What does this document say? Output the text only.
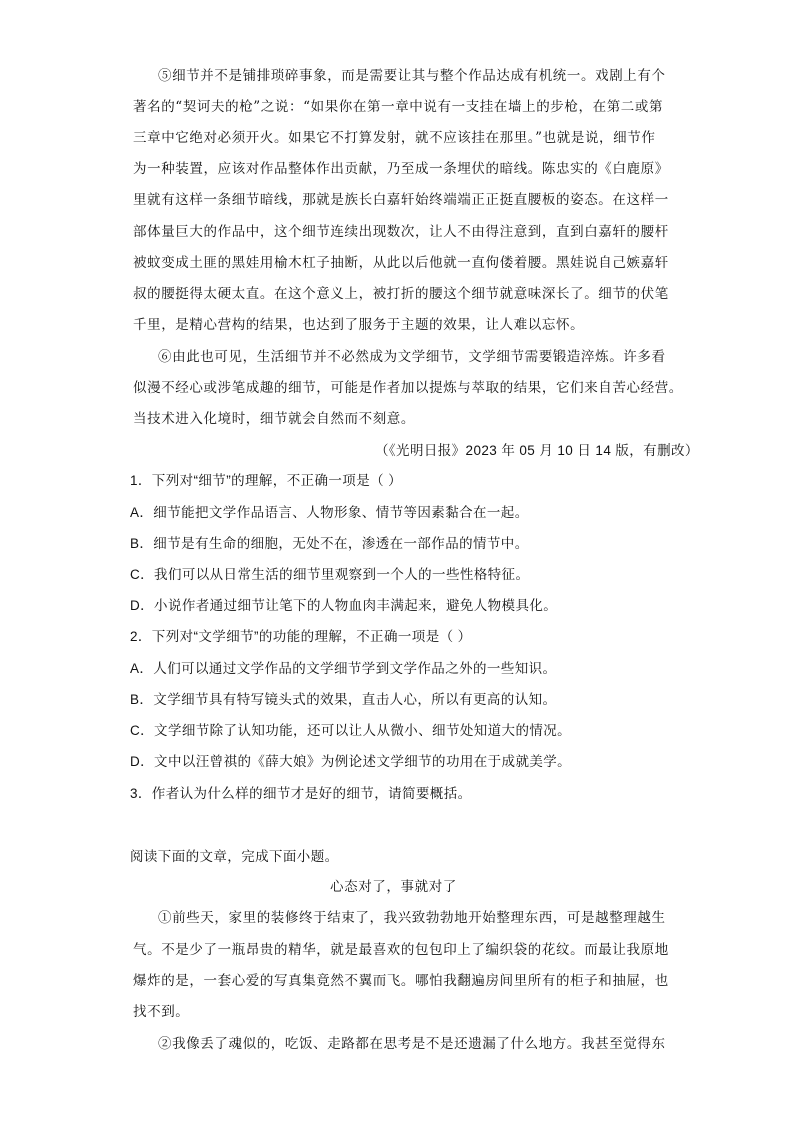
⑤细节并不是铺排琐碎事象，而是需要让其与整个作品达成有机统一。戏剧上有个
著名的“契诃夫的枪”之说：“如果你在第一章中说有一支挂在墙上的步枪，在第二或第
三章中它绝对必须开火。如果它不打算发射，就不应该挂在那里。”也就是说，细节作
为一种装置，应该对作品整体作出贡献，乃至成一条埋伏的暗线。陈忠实的《白鹿原》
里就有这样一条细节暗线，那就是族长白嘉轩始终端端正正挺直腰板的姿态。在这样一
部体量巨大的作品中，这个细节连续出现数次，让人不由得注意到，直到白嘉轩的腰杆
被蚊变成土匪的黑娃用榆木杠子抽断，从此以后他就一直佝偻着腰。黑娃说自己嫉嘉轩
叔的腰挺得太硬太直。在这个意义上，被打折的腰这个细节就意味深长了。细节的伏笔
千里，是精心营构的结果，也达到了服务于主题的效果，让人难以忘怀。
⑥由此也可见，生活细节并不必然成为文学细节，文学细节需要锻造淬炼。许多看
似漫不经心或涉笔成趣的细节，可能是作者加以提炼与萃取的结果，它们来自苦心经营。
当技术进入化境时，细节就会自然而不刻意。
（《光明日报》2023 年 05 月 10 日 14 版，有删改）
1．下列对“细节”的理解，不正确一项是（ ）
A．细节能把文学作品语言、人物形象、情节等因素黏合在一起。
B．细节是有生命的细胞，无处不在，渗透在一部作品的情节中。
C．我们可以从日常生活的细节里观察到一个人的一些性格特征。
D．小说作者通过细节让笔下的人物血肉丰满起来，避免人物模具化。
2．下列对“文学细节”的功能的理解，不正确一项是（ ）
A．人们可以通过文学作品的文学细节学到文学作品之外的一些知识。
B．文学细节具有特写镜头式的效果，直击人心，所以有更高的认知。
C．文学细节除了认知功能，还可以让人从微小、细节处知道大的情况。
D．文中以汪曾祺的《薛大娘》为例论述文学细节的功用在于成就美学。
3．作者认为什么样的细节才是好的细节，请简要概括。
阅读下面的文章，完成下面小题。
心态对了，事就对了
①前些天，家里的装修终于结束了，我兴致勃勃地开始整理东西，可是越整理越生
气。不是少了一瓶昂贵的精华，就是最喜欢的包包印上了编织袋的花纹。而最让我原地
爆炸的是，一套心爱的写真集竟然不翼而飞。哪怕我翻遍房间里所有的柜子和抽屉，也
找不到。
②我像丢了魂似的，吃饭、走路都在思考是不是还遗漏了什么地方。我甚至觉得东
